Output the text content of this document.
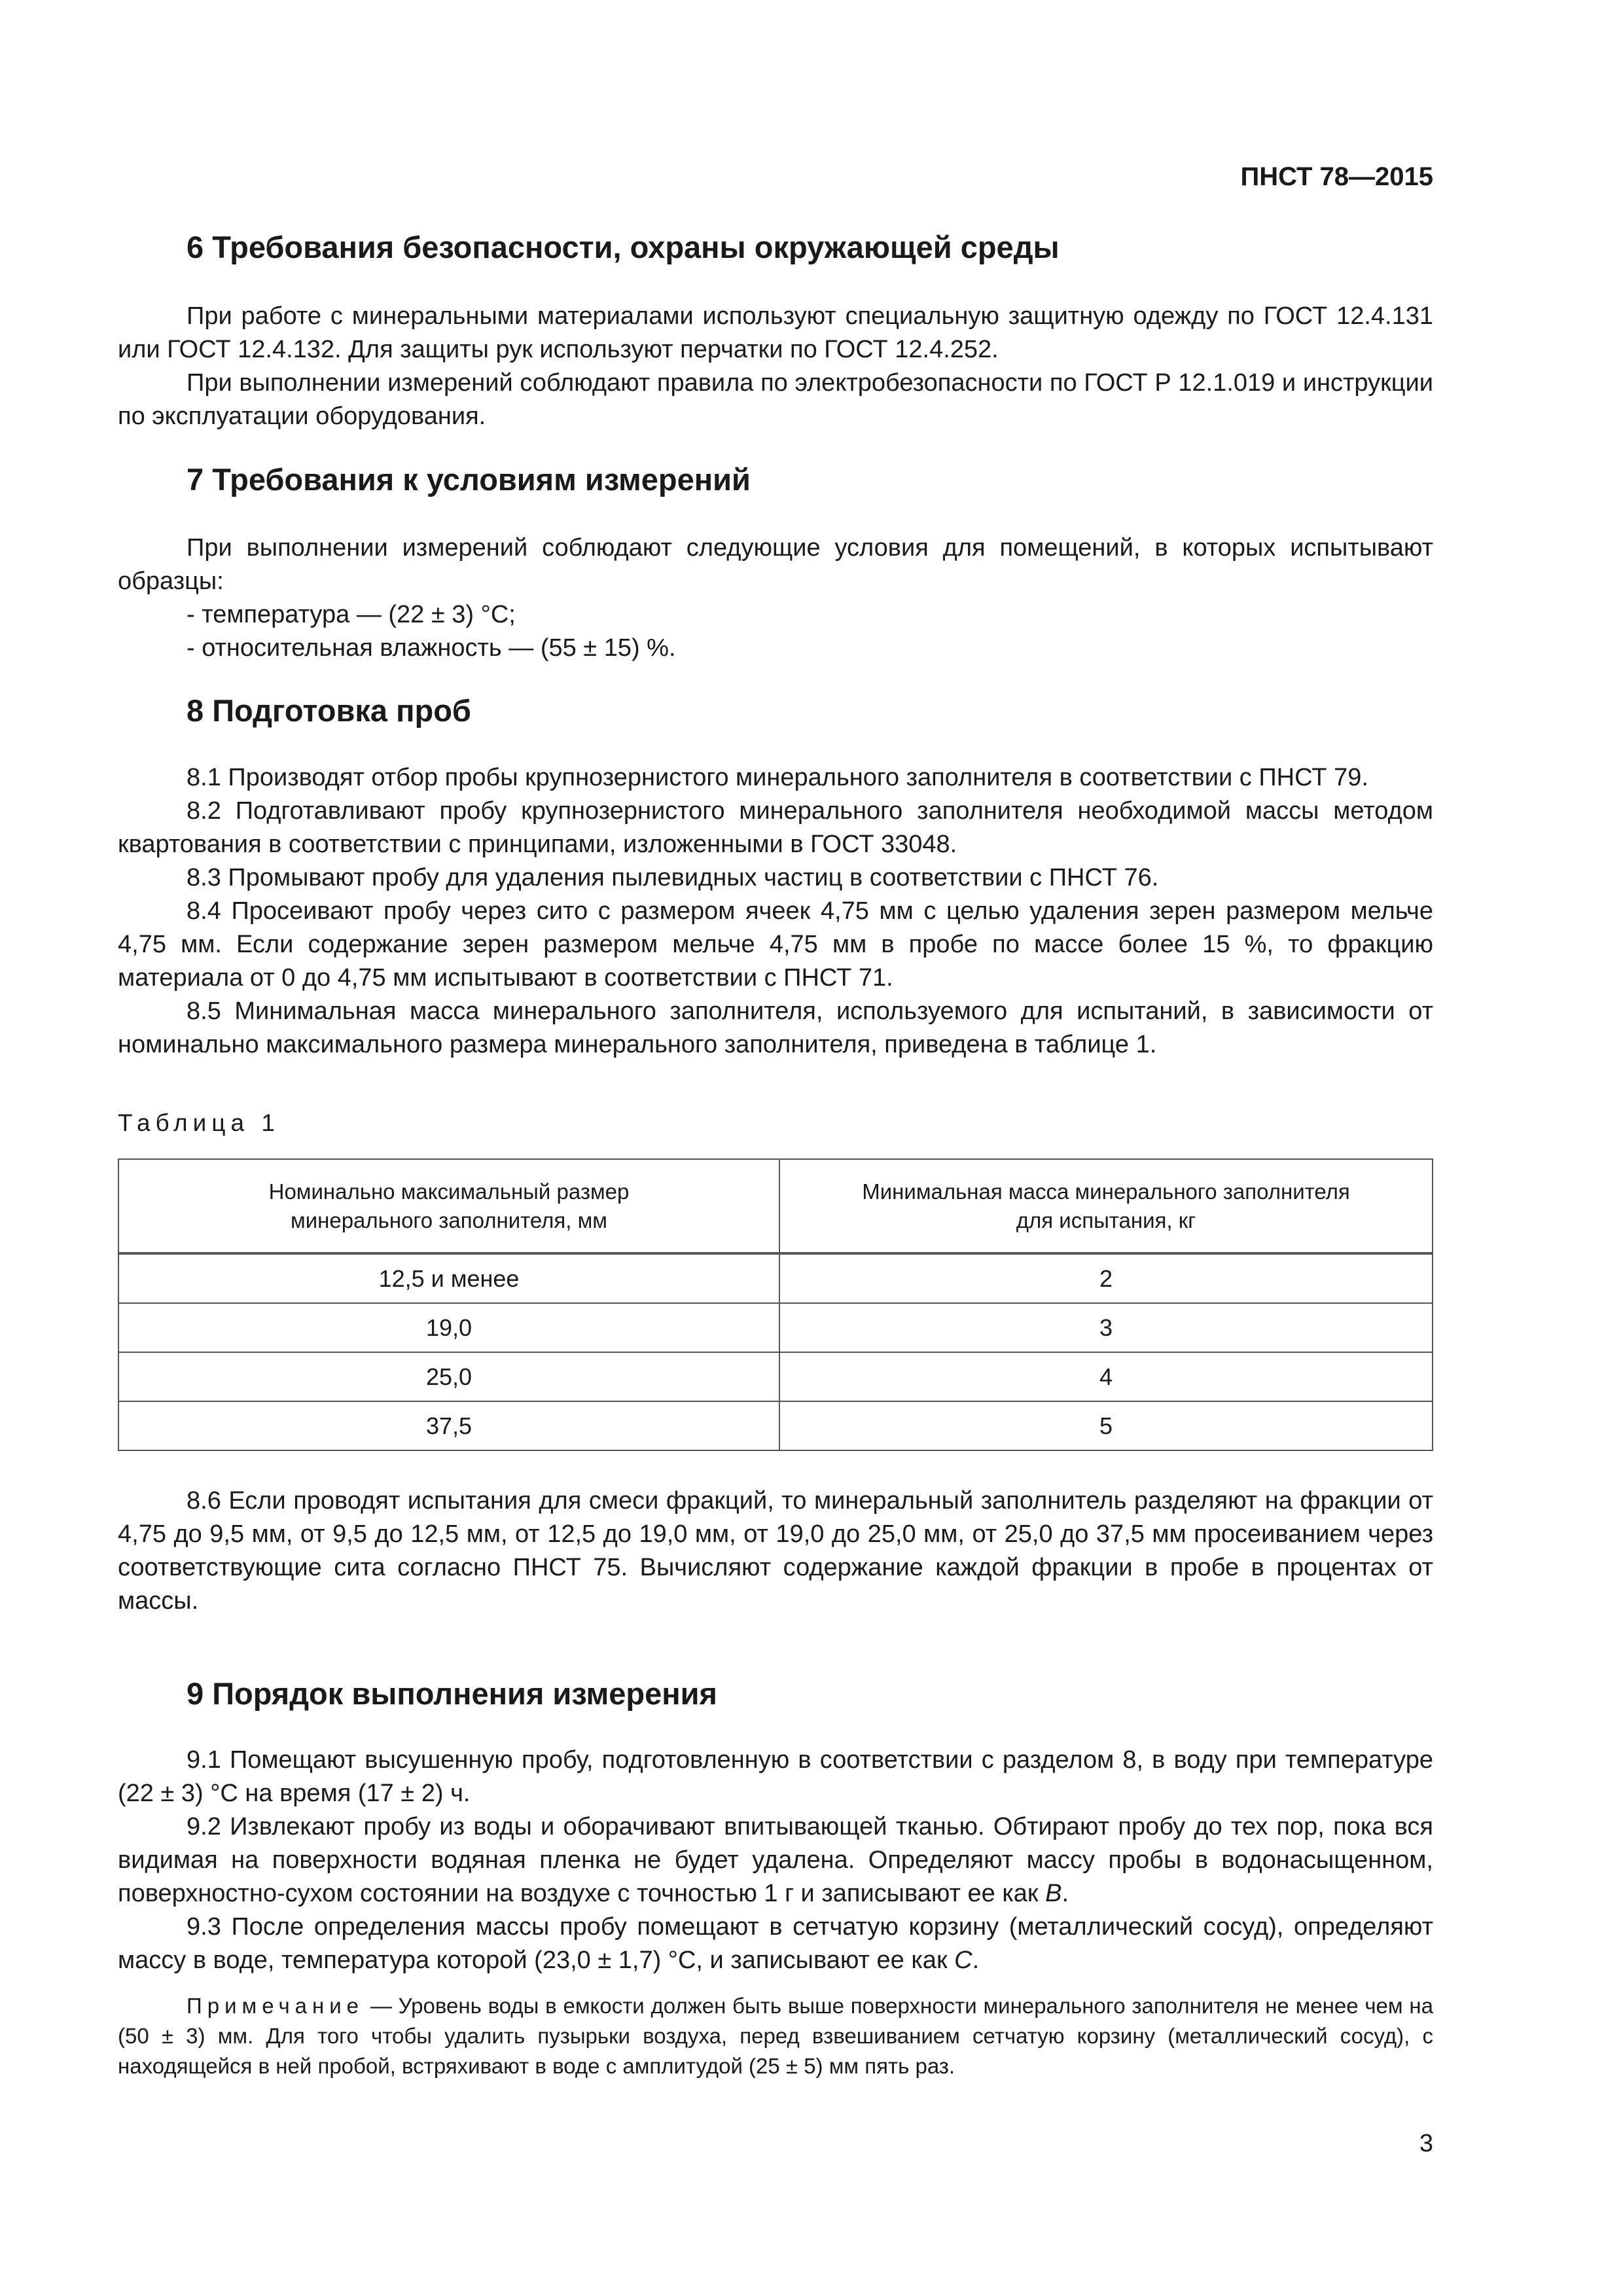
ПНСТ 78—2015
6 Требования безопасности, охраны окружающей среды

При работе с минеральными материалами используют специальную защитную одежду по ГОСТ 12.4.131 или ГОСТ 12.4.132. Для защиты рук используют перчатки по ГОСТ 12.4.252.

При выполнении измерений соблюдают правила по электробезопасности по ГОСТ Р 12.1.019 и инструкции по эксплуатации оборудования.

7 Требования к условиям измерений

При выполнении измерений соблюдают следующие условия для помещений, в которых испытывают образцы:

- температура — (22 ± 3) °С;

- относительная влажность — (55 ± 15) %.

8 Подготовка проб

8.1 Производят отбор пробы крупнозернистого минерального заполнителя в соответствии с ПНСТ 79.

8.2 Подготавливают пробу крупнозернистого минерального заполнителя необходимой массы методом квартования в соответствии с принципами, изложенными в ГОСТ 33048.

8.3 Промывают пробу для удаления пылевидных частиц в соответствии с ПНСТ 76.

8.4 Просеивают пробу через сито с размером ячеек 4,75 мм с целью удаления зерен размером мельче 4,75 мм. Если содержание зерен размером мельче 4,75 мм в пробе по массе более 15 %, то фракцию материала от 0 до 4,75 мм испытывают в соответствии с ПНСТ 71.

8.5 Минимальная масса минерального заполнителя, используемого для испытаний, в зависимости от номинально максимального размера минерального заполнителя, приведена в таблице 1.

Таблица 1
Номинально максимальный размер
минерального заполнителя, мм	Минимальная масса минерального заполнителя
для испытания, кг
12,5 и менее	2
19,0	3
25,0	4
37,5	5

8.6 Если проводят испытания для смеси фракций, то минеральный заполнитель разделяют на фракции от 4,75 до 9,5 мм, от 9,5 до 12,5 мм, от 12,5 до 19,0 мм, от 19,0 до 25,0 мм, от 25,0 до 37,5 мм просеиванием через соответствующие сита согласно ПНСТ 75. Вычисляют содержание каждой фракции в пробе в процентах от массы.

9 Порядок выполнения измерения

9.1 Помещают высушенную пробу, подготовленную в соответствии с разделом 8, в воду при температуре (22 ± 3) °С на время (17 ± 2) ч.

9.2 Извлекают пробу из воды и оборачивают впитывающей тканью. Обтирают пробу до тех пор, пока вся видимая на поверхности водяная пленка не будет удалена. Определяют массу пробы в водонасыщенном, поверхностно-сухом состоянии на воздухе с точностью 1 г и записывают ее как B.

9.3 После определения массы пробу помещают в сетчатую корзину (металлический сосуд), определяют массу в воде, температура которой (23,0 ± 1,7) °С, и записывают ее как C.

Примечание — Уровень воды в емкости должен быть выше поверхности минерального заполнителя не менее чем на (50 ± 3) мм. Для того чтобы удалить пузырьки воздуха, перед взвешиванием сетчатую корзину (металлический сосуд), с находящейся в ней пробой, встряхивают в воде с амплитудой (25 ± 5) мм пять раз.

3
